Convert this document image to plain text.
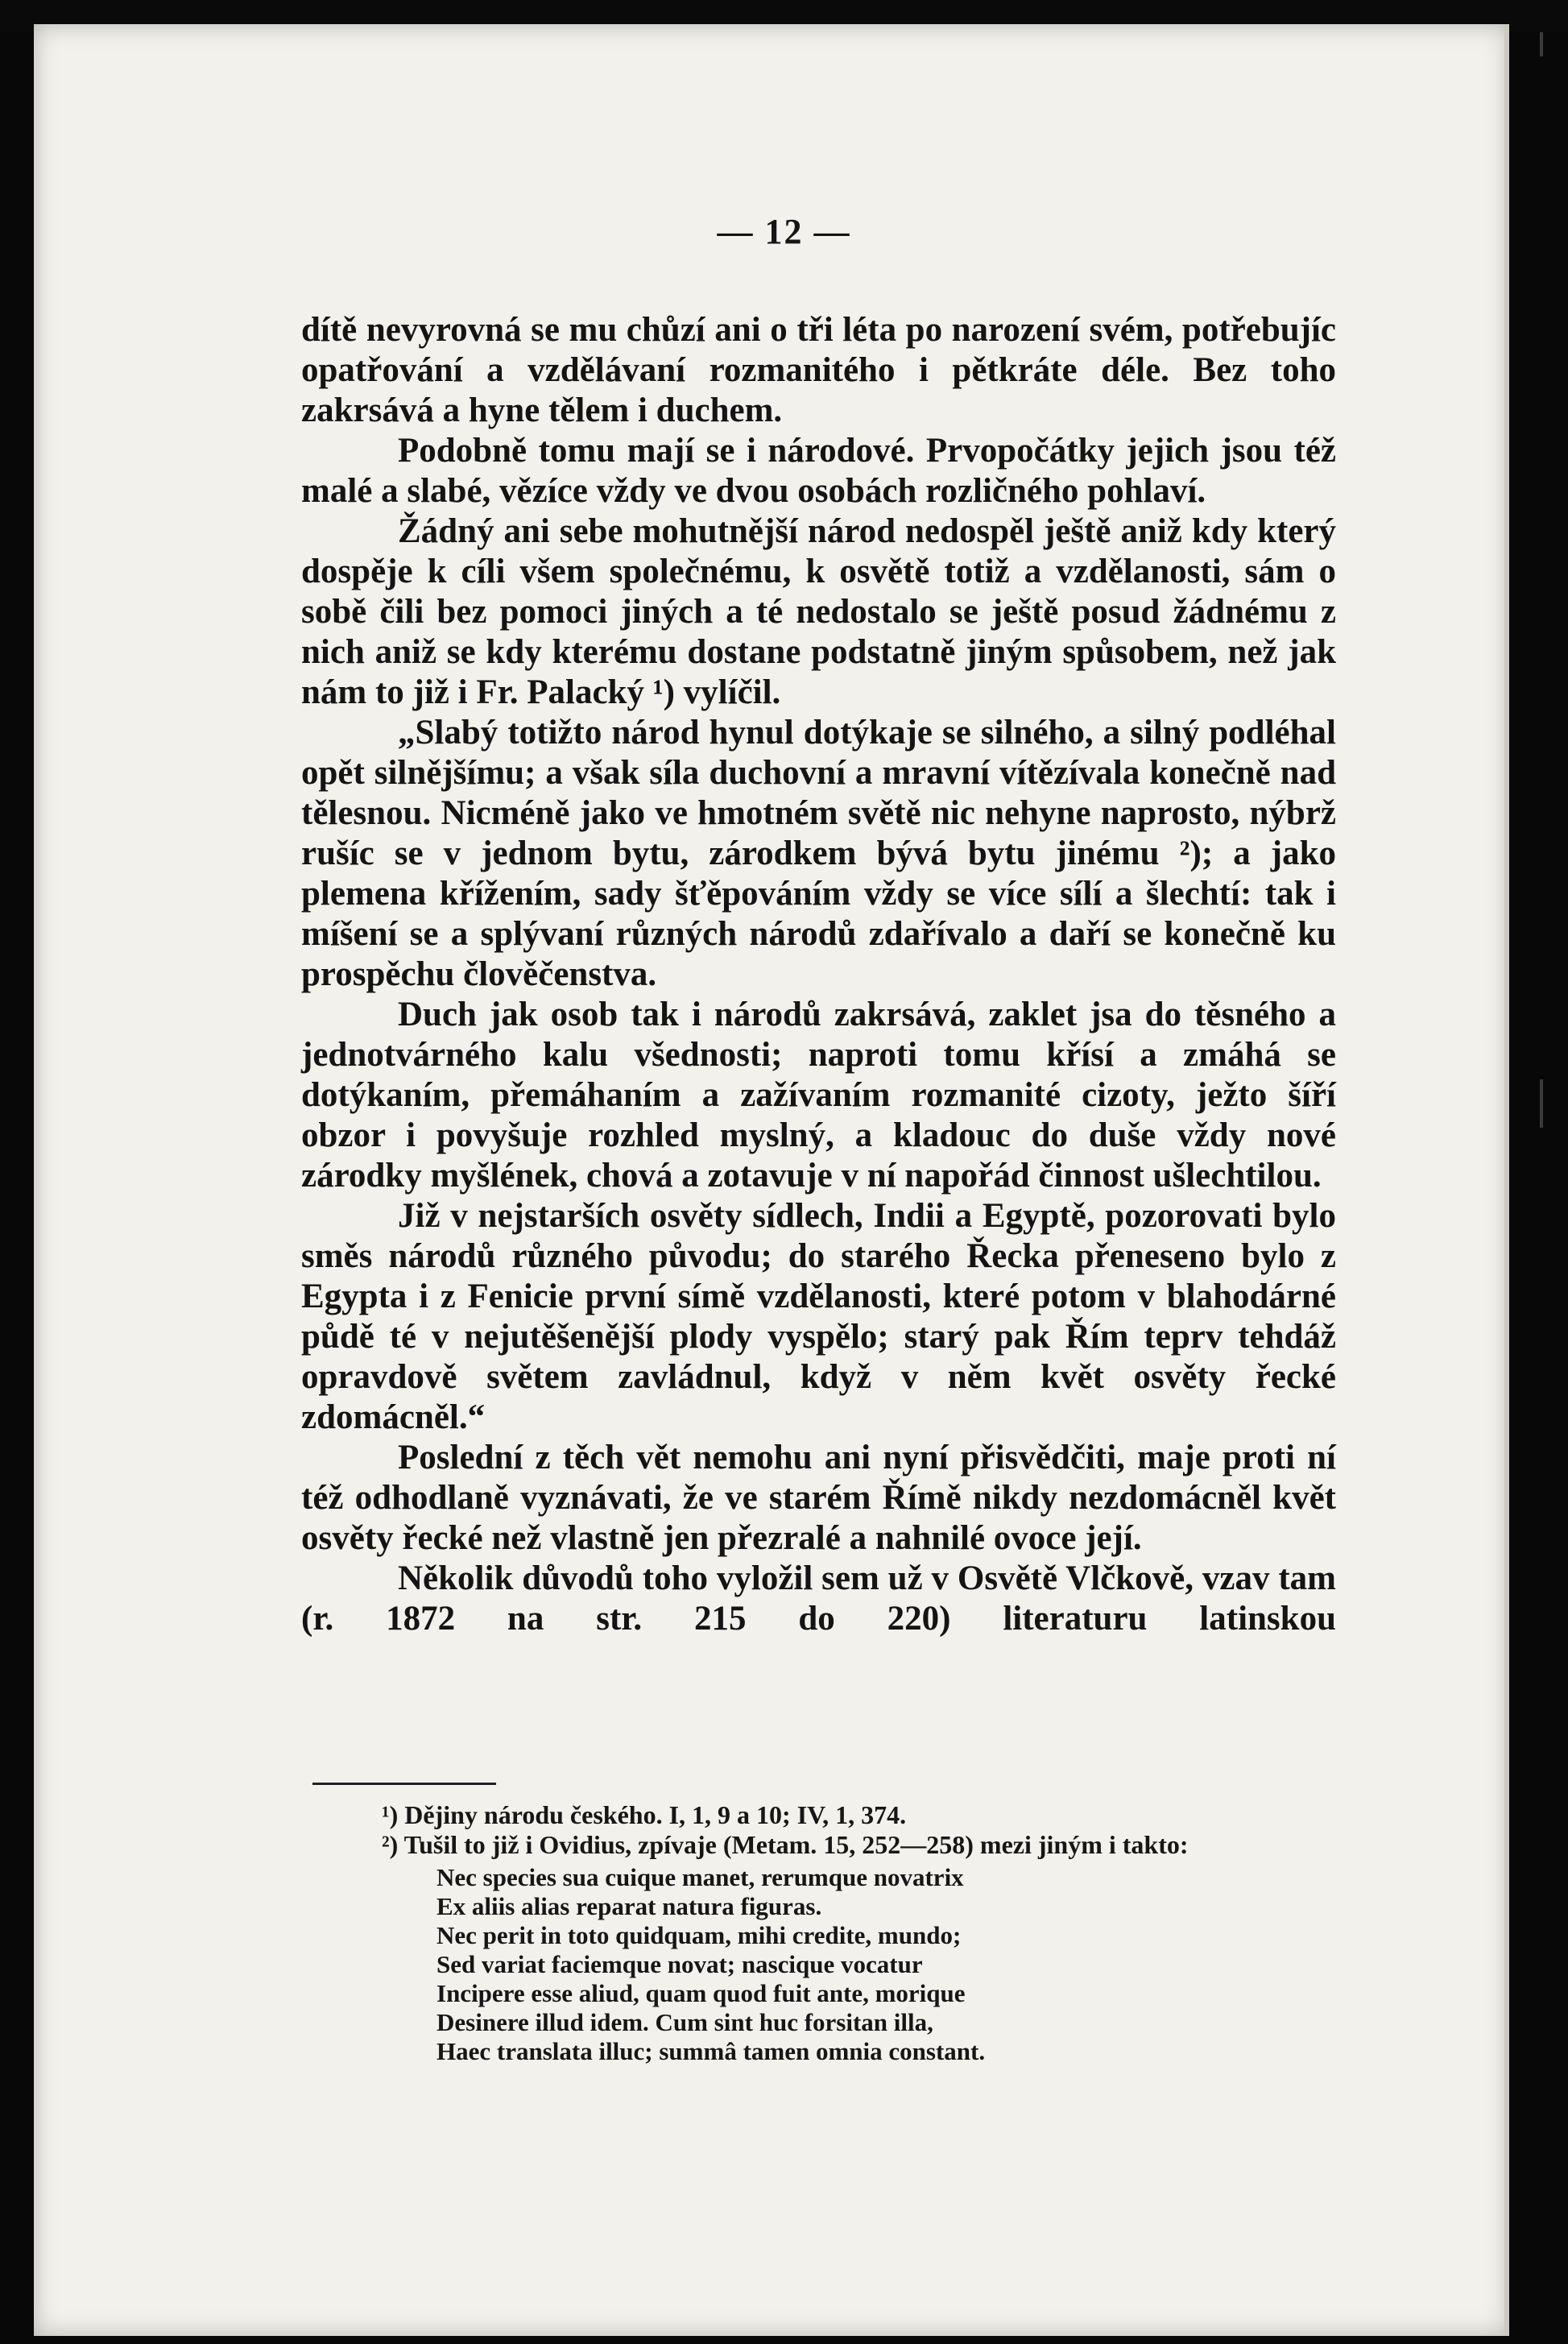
— 12 —

dítě nevyrovná se mu chůzí ani o tři léta po narození svém, potřebujíc opatřování a vzdělávaní rozmanitého i pětkráte déle. Bez toho zakrsává a hyne tělem i duchem.

Podobně tomu mají se i národové. Prvopočátky jejich jsou též malé a slabé, vězíce vždy ve dvou osobách rozličného pohlaví.

Žádný ani sebe mohutnější národ nedospěl ještě aniž kdy který dospěje k cíli všem společnému, k osvětě totiž a vzdělanosti, sám o sobě čili bez pomoci jiných a té nedostalo se ještě posud žádnému z nich aniž se kdy kterému dostane podstatně jiným spůsobem, než jak nám to již i Fr. Palacký ¹) vylíčil.

„Slabý totižto národ hynul dotýkaje se silného, a silný podléhal opět silnějšímu; a však síla duchovní a mravní vítězívala konečně nad tělesnou. Nicméně jako ve hmotném světě nic nehyne naprosto, nýbrž rušíc se v jednom bytu, zárodkem bývá bytu jinému ²); a jako plemena křížením, sady šťěpováním vždy se více sílí a šlechtí: tak i míšení se a splývaní různých národů zdařívalo a daří se konečně ku prospěchu člověčenstva.

Duch jak osob tak i národů zakrsává, zaklet jsa do těsného a jednotvárného kalu všednosti; naproti tomu křísí a zmáhá se dotýkaním, přemáhaním a zažívaním rozmanité cizoty, ježto šíří obzor i povyšuje rozhled myslný, a kladouc do duše vždy nové zárodky myšlének, chová a zotavuje v ní napořád činnost ušlechtilou.

Již v nejstarších osvěty sídlech, Indii a Egyptě, pozorovati bylo směs národů různého původu; do starého Řecka přeneseno bylo z Egypta i z Fenicie první símě vzdělanosti, které potom v blahodárné půdě té v nejutěšenější plody vyspělo; starý pak Řím teprv tehdáž opravdově světem zavládnul, když v něm květ osvěty řecké zdomácněl.“

Poslední z těch vět nemohu ani nyní přisvědčiti, maje proti ní též odhodlaně vyznávati, že ve starém Římě nikdy nezdomácněl květ osvěty řecké než vlastně jen přezralé a nahnilé ovoce její.

Několik důvodů toho vyložil sem už v Osvětě Vlčkově, vzav tam (r. 1872 na str. 215 do 220) literaturu latinskou

¹) Dějiny národu českého. I, 1, 9 a 10; IV, 1, 374.

²) Tušil to již i Ovidius, zpívaje (Metam. 15, 252—258) mezi jiným i takto:

Nec species sua cuique manet, rerumque novatrix
Ex aliis alias reparat natura figuras.
Nec perit in toto quidquam, mihi credite, mundo;
Sed variat faciemque novat; nascique vocatur
Incipere esse aliud, quam quod fuit ante, morique
Desinere illud idem. Cum sint huc forsitan illa,
Haec translata illuc; summâ tamen omnia constant.
